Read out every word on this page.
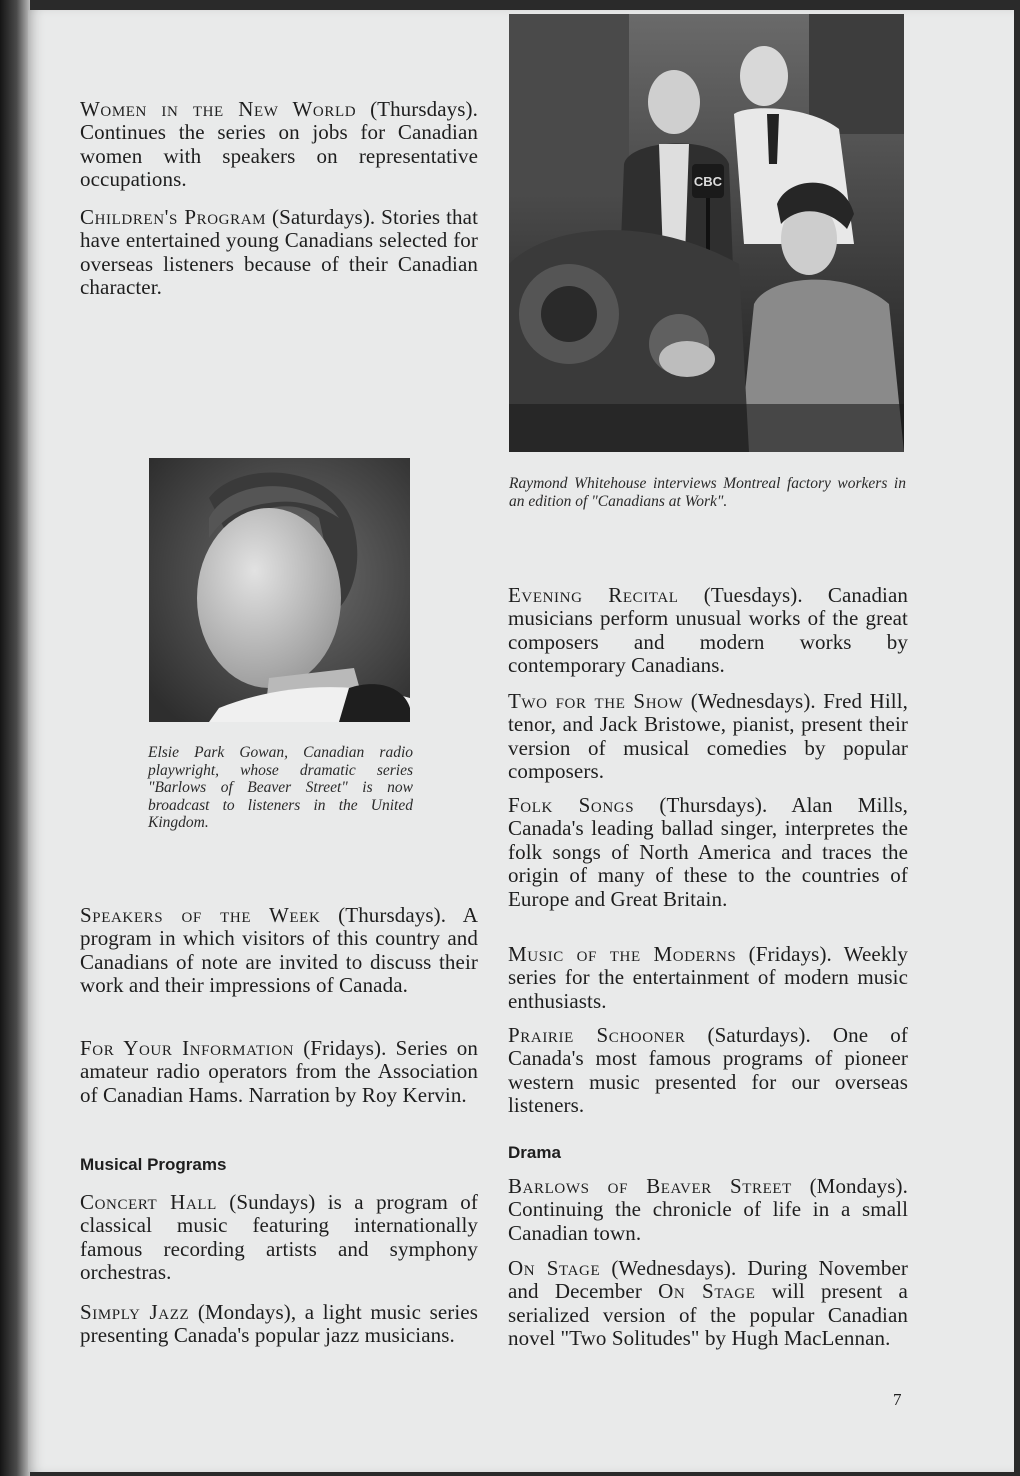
Women in the New World (Thursdays). Continues the series on jobs for Canadian women with speakers on representative occupations.

Children's Program (Saturdays). Stories that have entertained young Canadians selected for overseas listeners because of their Canadian character.

Elsie Park Gowan, Canadian radio playwright, whose dramatic series "Barlows of Beaver Street" is now broadcast to listeners in the United Kingdom.

Speakers of the Week (Thursdays). A program in which visitors of this country and Canadians of note are invited to discuss their work and their impressions of Canada.

For Your Information (Fridays). Series on amateur radio operators from the Association of Canadian Hams. Narration by Roy Kervin.

Musical Programs

Concert Hall (Sundays) is a program of classical music featuring internationally famous recording artists and symphony orchestras.

Simply Jazz (Mondays), a light music series presenting Canada's popular jazz musicians.

CBC

Raymond Whitehouse interviews Montreal factory workers in an edition of "Canadians at Work".

Evening Recital (Tuesdays). Canadian musicians perform unusual works of the great composers and modern works by contemporary Canadians.

Two for the Show (Wednesdays). Fred Hill, tenor, and Jack Bristowe, pianist, present their version of musical comedies by popular composers.

Folk Songs (Thursdays). Alan Mills, Canada's leading ballad singer, interpretes the folk songs of North America and traces the origin of many of these to the countries of Europe and Great Britain.

Music of the Moderns (Fridays). Weekly series for the entertainment of modern music enthusiasts.

Prairie Schooner (Saturdays). One of Canada's most famous programs of pioneer western music presented for our overseas listeners.

Drama

Barlows of Beaver Street (Mondays). Continuing the chronicle of life in a small Canadian town.

On Stage (Wednesdays). During November and December On Stage will present a serialized version of the popular Canadian novel "Two Solitudes" by Hugh MacLennan.

7
